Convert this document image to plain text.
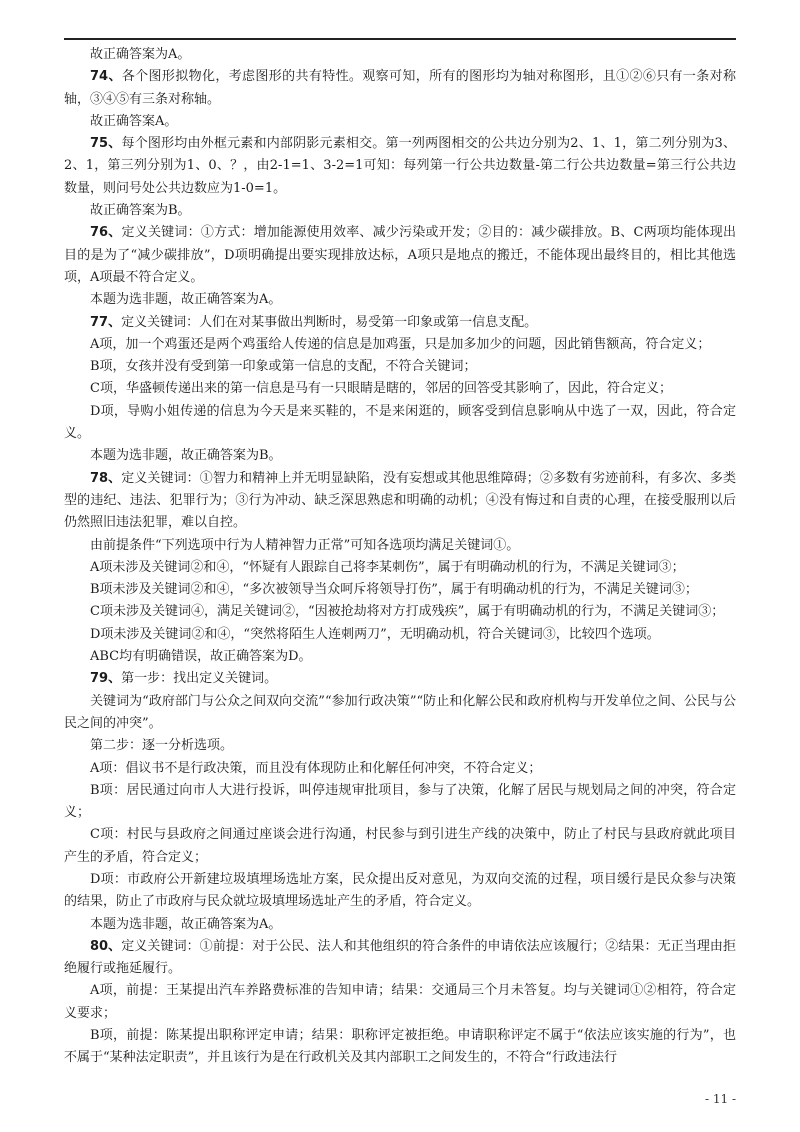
故正确答案为A。

74、各个图形拟物化，考虑图形的共有特性。观察可知，所有的图形均为轴对称图形，且①②⑥只有一条对称轴，③④⑤有三条对称轴。

故正确答案A。

75、每个图形均由外框元素和内部阴影元素相交。第一列两图相交的公共边分别为2、1、1，第二列分别为3、2、1，第三列分别为1、0、？，由2-1=1、3-2=1可知：每列第一行公共边数量-第二行公共边数量=第三行公共边数量，则问号处公共边数应为1-0=1。

故正确答案为B。

76、定义关键词：①方式：增加能源使用效率、减少污染或开发；②目的：减少碳排放。B、C两项均能体现出目的是为了“减少碳排放”，D项明确提出要实现排放达标，A项只是地点的搬迁，不能体现出最终目的，相比其他选项，A项最不符合定义。

本题为选非题，故正确答案为A。

77、定义关键词：人们在对某事做出判断时，易受第一印象或第一信息支配。

A项，加一个鸡蛋还是两个鸡蛋给人传递的信息是加鸡蛋，只是加多加少的问题，因此销售额高，符合定义；

B项，女孩并没有受到第一印象或第一信息的支配，不符合关键词；

C项，华盛顿传递出来的第一信息是马有一只眼睛是瞎的，邻居的回答受其影响了，因此，符合定义；

D项，导购小姐传递的信息为今天是来买鞋的，不是来闲逛的，顾客受到信息影响从中选了一双，因此，符合定义。

本题为选非题，故正确答案为B。

78、定义关键词：①智力和精神上并无明显缺陷，没有妄想或其他思维障碍；②多数有劣迹前科，有多次、多类型的违纪、违法、犯罪行为；③行为冲动、缺乏深思熟虑和明确的动机；④没有悔过和自责的心理，在接受服刑以后仍然照旧违法犯罪，难以自控。

由前提条件“下列选项中行为人精神智力正常”可知各选项均满足关键词①。

A项未涉及关键词②和④，“怀疑有人跟踪自己将李某刺伤”，属于有明确动机的行为，不满足关键词③；

B项未涉及关键词②和④，“多次被领导当众呵斥将领导打伤”，属于有明确动机的行为，不满足关键词③；

C项未涉及关键词④，满足关键词②，“因被抢劫将对方打成残疾”，属于有明确动机的行为，不满足关键词③；

D项未涉及关键词②和④，“突然将陌生人连刺两刀”，无明确动机，符合关键词③，比较四个选项。

ABC均有明确错误，故正确答案为D。

79、第一步：找出定义关键词。

关键词为“政府部门与公众之间双向交流”“参加行政决策”“防止和化解公民和政府机构与开发单位之间、公民与公民之间的冲突”。

第二步：逐一分析选项。

A项：倡议书不是行政决策，而且没有体现防止和化解任何冲突，不符合定义；

B项：居民通过向市人大进行投诉，叫停违规审批项目，参与了决策，化解了居民与规划局之间的冲突，符合定义；

C项：村民与县政府之间通过座谈会进行沟通，村民参与到引进生产线的决策中，防止了村民与县政府就此项目产生的矛盾，符合定义；

D项：市政府公开新建垃圾填埋场选址方案，民众提出反对意见，为双向交流的过程，项目缓行是民众参与决策的结果，防止了市政府与民众就垃圾填埋场选址产生的矛盾，符合定义。

本题为选非题，故正确答案为A。

80、定义关键词：①前提：对于公民、法人和其他组织的符合条件的申请依法应该履行；②结果：无正当理由拒绝履行或拖延履行。

A项，前提：王某提出汽车养路费标准的告知申请；结果：交通局三个月未答复。均与关键词①②相符，符合定义要求；

B项，前提：陈某提出职称评定申请；结果：职称评定被拒绝。申请职称评定不属于“依法应该实施的行为”，也不属于“某种法定职责”，并且该行为是在行政机关及其内部职工之间发生的，不符合“行政违法行

- 11 -
